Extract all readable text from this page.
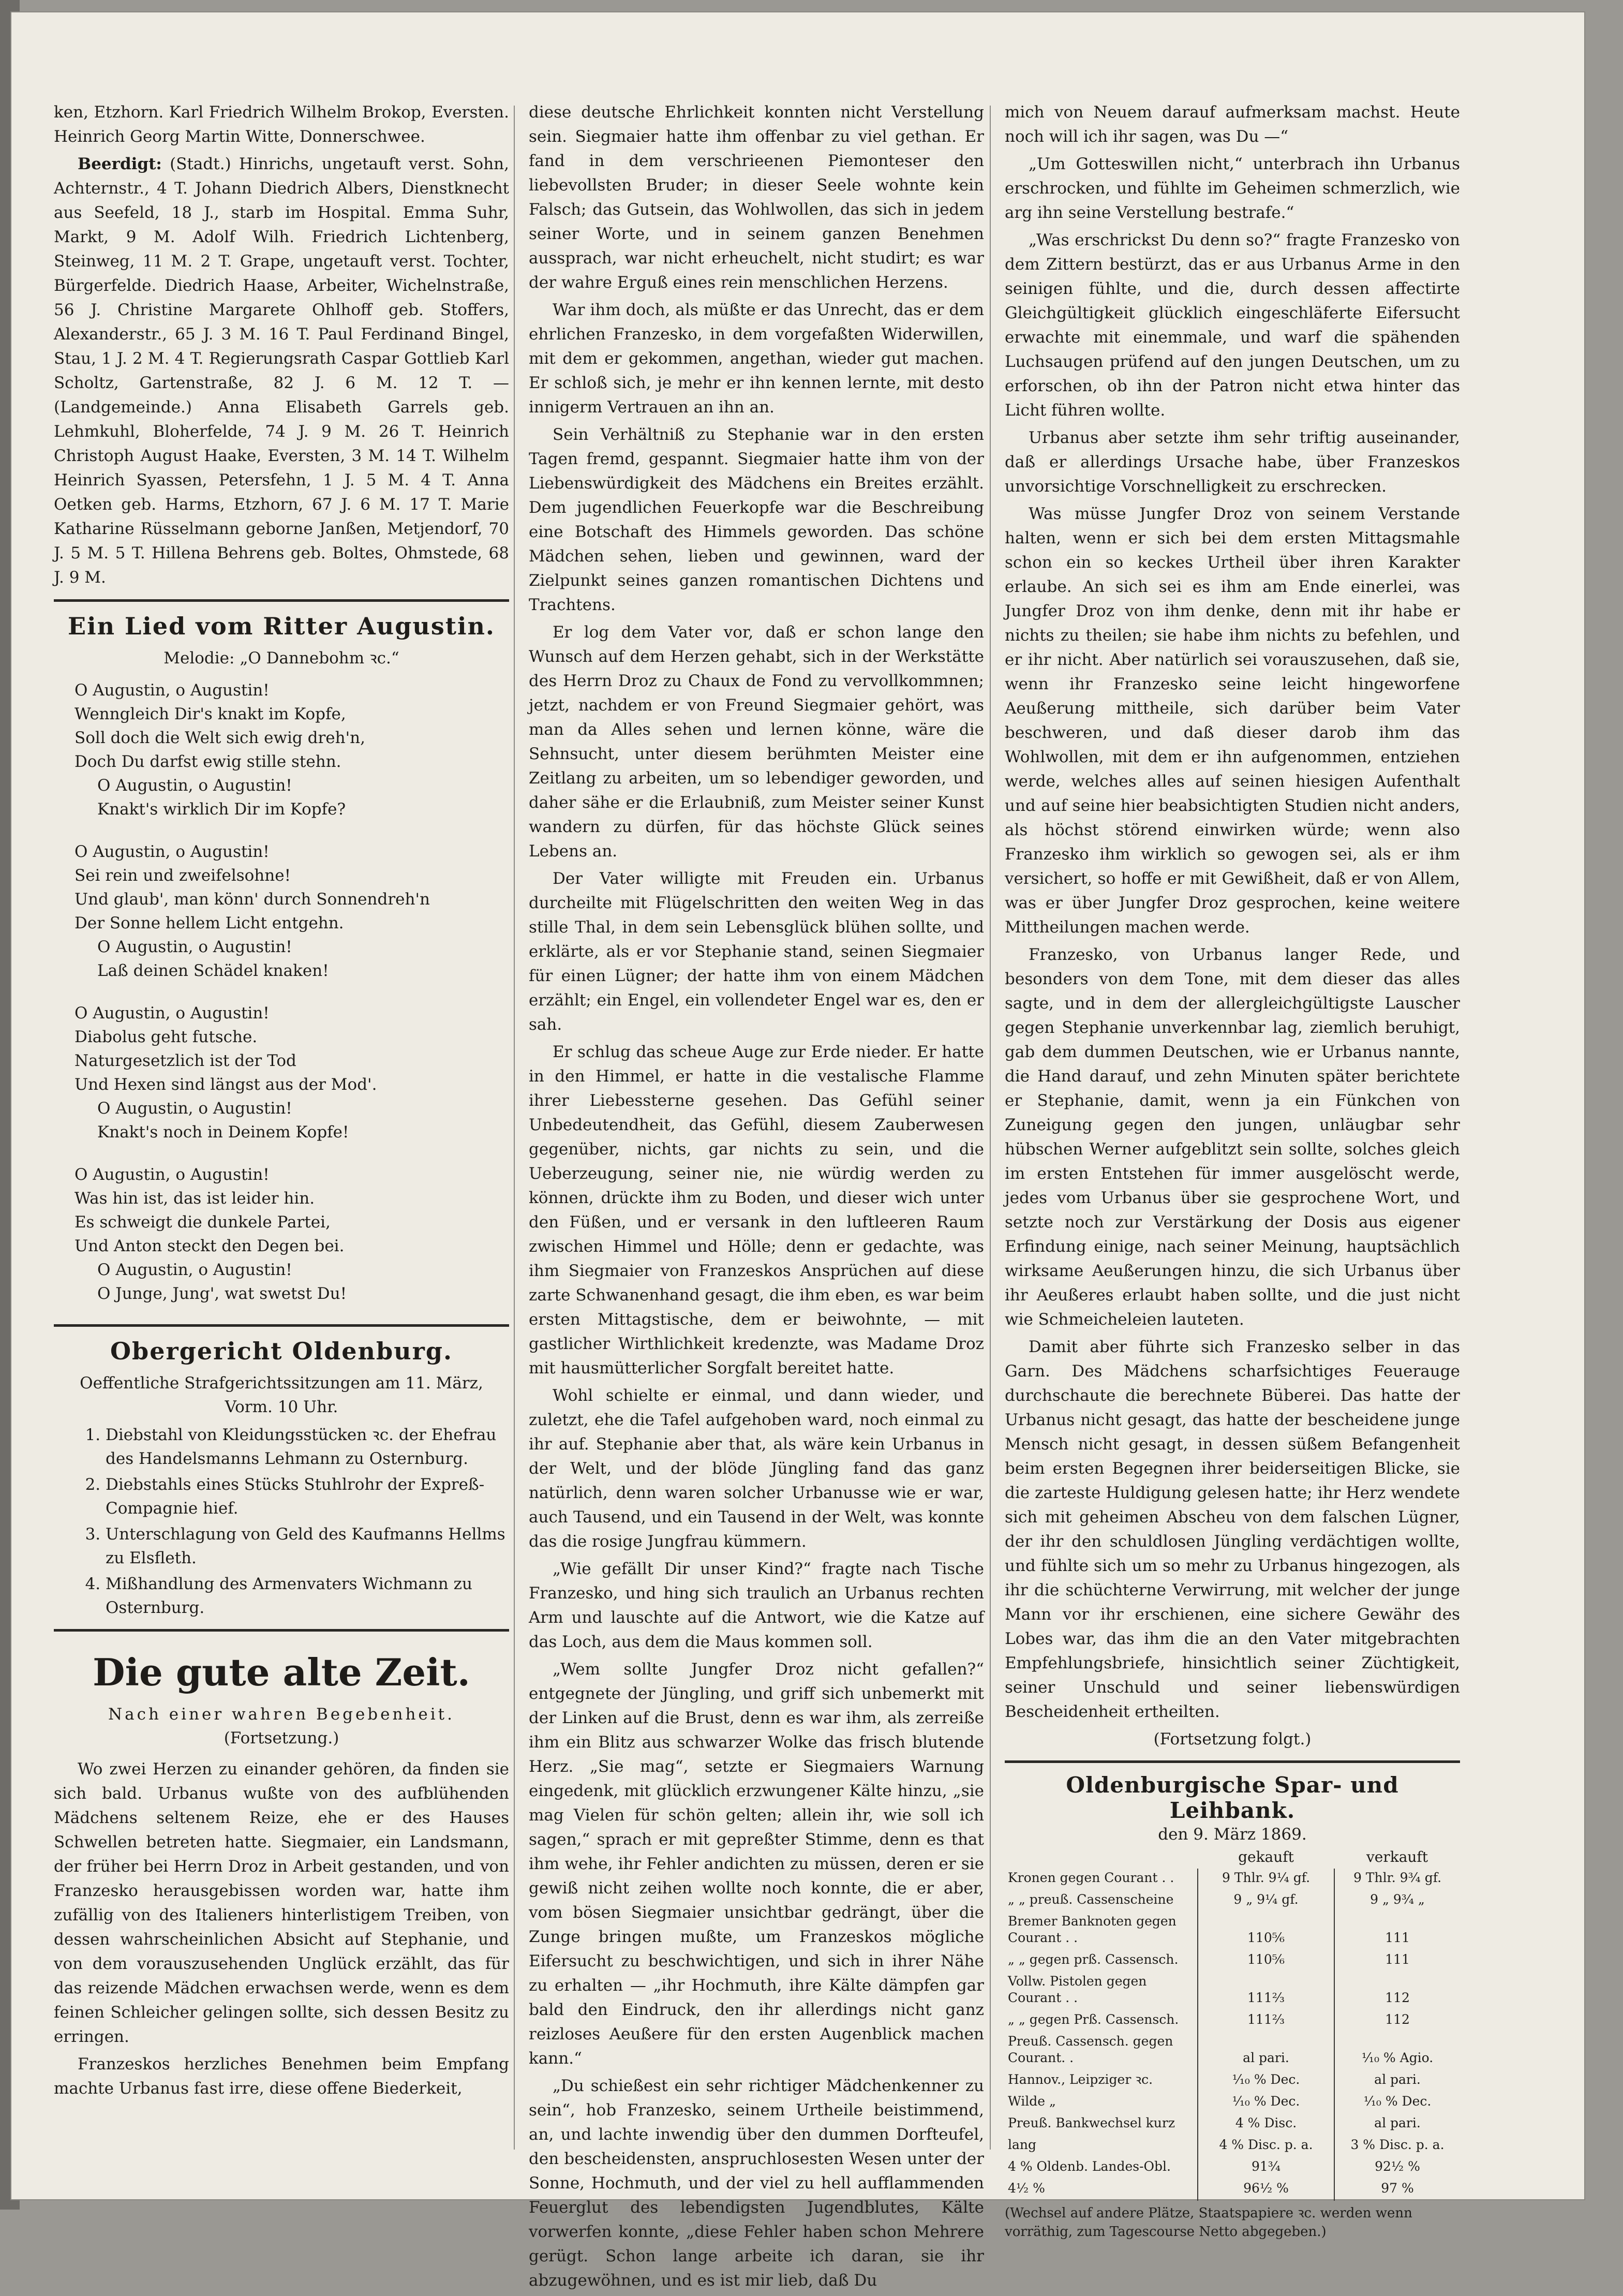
ken, Etzhorn. Karl Friedrich Wilhelm Brokop, Eversten. Heinrich Georg Martin Witte, Donnerschwee.

Beerdigt: (Stadt.) Hinrichs, ungetauft verst. Sohn, Achternstr., 4 T. Johann Diedrich Albers, Dienstknecht aus Seefeld, 18 J., starb im Hospital. Emma Suhr, Markt, 9 M. Adolf Wilh. Friedrich Lichtenberg, Steinweg, 11 M. 2 T. Grape, ungetauft verst. Tochter, Bürgerfelde. Diedrich Haase, Arbeiter, Wichelnstraße, 56 J. Christine Margarete Ohlhoff geb. Stoffers, Alexanderstr., 65 J. 3 M. 16 T. Paul Ferdinand Bingel, Stau, 1 J. 2 M. 4 T. Regierungsrath Caspar Gottlieb Karl Scholtz, Gartenstraße, 82 J. 6 M. 12 T. — (Landgemeinde.) Anna Elisabeth Garrels geb. Lehmkuhl, Bloherfelde, 74 J. 9 M. 26 T. Heinrich Christoph August Haake, Eversten, 3 M. 14 T. Wilhelm Heinrich Syassen, Petersfehn, 1 J. 5 M. 4 T. Anna Oetken geb. Harms, Etzhorn, 67 J. 6 M. 17 T. Marie Katharine Rüsselmann geborne Janßen, Metjendorf, 70 J. 5 M. 5 T. Hillena Behrens geb. Boltes, Ohmstede, 68 J. 9 M.

Ein Lied vom Ritter Augustin.

Melodie: „O Dannebohm ꝛc.“

O Augustin, o Augustin!
Wenngleich Dir's knakt im Kopfe,
Soll doch die Welt sich ewig dreh'n,
Doch Du darfst ewig stille stehn.
O Augustin, o Augustin!
Knakt's wirklich Dir im Kopfe?
O Augustin, o Augustin!
Sei rein und zweifelsohne!
Und glaub', man könn' durch Sonnendreh'n
Der Sonne hellem Licht entgehn.
O Augustin, o Augustin!
Laß deinen Schädel knaken!
O Augustin, o Augustin!
Diabolus geht futsche.
Naturgesetzlich ist der Tod
Und Hexen sind längst aus der Mod'.
O Augustin, o Augustin!
Knakt's noch in Deinem Kopfe!
O Augustin, o Augustin!
Was hin ist, das ist leider hin.
Es schweigt die dunkele Partei,
Und Anton steckt den Degen bei.
O Augustin, o Augustin!
O Junge, Jung', wat swetst Du!
Obergericht Oldenburg.

Oeffentliche Strafgerichtssitzungen am 11. März, Vorm. 10 Uhr.

1. Diebstahl von Kleidungsstücken ꝛc. der Ehefrau des Handelsmanns Lehmann zu Osternburg.
2. Diebstahls eines Stücks Stuhlrohr der Expreß-Compagnie hief.
3. Unterschlagung von Geld des Kaufmanns Hellms zu Elsfleth.
4. Mißhandlung des Armenvaters Wichmann zu Osternburg.
Die gute alte Zeit.

Nach einer wahren Begebenheit.

(Fortsetzung.)

Wo zwei Herzen zu einander gehören, da finden sie sich bald. Urbanus wußte von des aufblühenden Mädchens seltenem Reize, ehe er des Hauses Schwellen betreten hatte. Siegmaier, ein Landsmann, der früher bei Herrn Droz in Arbeit gestanden, und von Franzesko herausgebissen worden war, hatte ihm zufällig von des Italieners hinterlistigem Treiben, von dessen wahrscheinlichen Absicht auf Stephanie, und von dem vorauszusehenden Unglück erzählt, das für das reizende Mädchen erwachsen werde, wenn es dem feinen Schleicher gelingen sollte, sich dessen Besitz zu erringen.

Franzeskos herzliches Benehmen beim Empfang machte Urbanus fast irre, diese offene Biederkeit,

diese deutsche Ehrlichkeit konnten nicht Verstellung sein. Siegmaier hatte ihm offenbar zu viel gethan. Er fand in dem verschrieenen Piemonteser den liebevollsten Bruder; in dieser Seele wohnte kein Falsch; das Gutsein, das Wohlwollen, das sich in jedem seiner Worte, und in seinem ganzen Benehmen aussprach, war nicht erheuchelt, nicht studirt; es war der wahre Erguß eines rein menschlichen Herzens.

War ihm doch, als müßte er das Unrecht, das er dem ehrlichen Franzesko, in dem vorgefaßten Widerwillen, mit dem er gekommen, angethan, wieder gut machen. Er schloß sich, je mehr er ihn kennen lernte, mit desto innigerm Vertrauen an ihn an.

Sein Verhältniß zu Stephanie war in den ersten Tagen fremd, gespannt. Siegmaier hatte ihm von der Liebenswürdigkeit des Mädchens ein Breites erzählt. Dem jugendlichen Feuerkopfe war die Beschreibung eine Botschaft des Himmels geworden. Das schöne Mädchen sehen, lieben und gewinnen, ward der Zielpunkt seines ganzen romantischen Dichtens und Trachtens.

Er log dem Vater vor, daß er schon lange den Wunsch auf dem Herzen gehabt, sich in der Werkstätte des Herrn Droz zu Chaux de Fond zu vervollkommnen; jetzt, nachdem er von Freund Siegmaier gehört, was man da Alles sehen und lernen könne, wäre die Sehnsucht, unter diesem berühmten Meister eine Zeitlang zu arbeiten, um so lebendiger geworden, und daher sähe er die Erlaubniß, zum Meister seiner Kunst wandern zu dürfen, für das höchste Glück seines Lebens an.

Der Vater willigte mit Freuden ein. Urbanus durcheilte mit Flügelschritten den weiten Weg in das stille Thal, in dem sein Lebensglück blühen sollte, und erklärte, als er vor Stephanie stand, seinen Siegmaier für einen Lügner; der hatte ihm von einem Mädchen erzählt; ein Engel, ein vollendeter Engel war es, den er sah.

Er schlug das scheue Auge zur Erde nieder. Er hatte in den Himmel, er hatte in die vestalische Flamme ihrer Liebessterne gesehen. Das Gefühl seiner Unbedeutendheit, das Gefühl, diesem Zauberwesen gegenüber, nichts, gar nichts zu sein, und die Ueberzeugung, seiner nie, nie würdig werden zu können, drückte ihm zu Boden, und dieser wich unter den Füßen, und er versank in den luftleeren Raum zwischen Himmel und Hölle; denn er gedachte, was ihm Siegmaier von Franzeskos Ansprüchen auf diese zarte Schwanenhand gesagt, die ihm eben, es war beim ersten Mittagstische, dem er beiwohnte, — mit gastlicher Wirthlichkeit kredenzte, was Madame Droz mit hausmütterlicher Sorgfalt bereitet hatte.

Wohl schielte er einmal, und dann wieder, und zuletzt, ehe die Tafel aufgehoben ward, noch einmal zu ihr auf. Stephanie aber that, als wäre kein Urbanus in der Welt, und der blöde Jüngling fand das ganz natürlich, denn waren solcher Urbanusse wie er war, auch Tausend, und ein Tausend in der Welt, was konnte das die rosige Jungfrau kümmern.

„Wie gefällt Dir unser Kind?“ fragte nach Tische Franzesko, und hing sich traulich an Urbanus rechten Arm und lauschte auf die Antwort, wie die Katze auf das Loch, aus dem die Maus kommen soll.

„Wem sollte Jungfer Droz nicht gefallen?“ entgegnete der Jüngling, und griff sich unbemerkt mit der Linken auf die Brust, denn es war ihm, als zerreiße ihm ein Blitz aus schwarzer Wolke das frisch blutende Herz. „Sie mag“, setzte er Siegmaiers Warnung eingedenk, mit glücklich erzwungener Kälte hinzu, „sie mag Vielen für schön gelten; allein ihr, wie soll ich sagen,“ sprach er mit gepreßter Stimme, denn es that ihm wehe, ihr Fehler andichten zu müssen, deren er sie gewiß nicht zeihen wollte noch konnte, die er aber, vom bösen Siegmaier unsichtbar gedrängt, über die Zunge bringen mußte, um Franzeskos mögliche Eifersucht zu beschwichtigen, und sich in ihrer Nähe zu erhalten — „ihr Hochmuth, ihre Kälte dämpfen gar bald den Eindruck, den ihr allerdings nicht ganz reizloses Aeußere für den ersten Augenblick machen kann.“

„Du schießest ein sehr richtiger Mädchenkenner zu sein“, hob Franzesko, seinem Urtheile beistimmend, an, und lachte inwendig über den dummen Dorfteufel, den bescheidensten, anspruchlosesten Wesen unter der Sonne, Hochmuth, und der viel zu hell aufflammenden Feuerglut des lebendigsten Jugendblutes, Kälte vorwerfen konnte, „diese Fehler haben schon Mehrere gerügt. Schon lange arbeite ich daran, sie ihr abzugewöhnen, und es ist mir lieb, daß Du

mich von Neuem darauf aufmerksam machst. Heute noch will ich ihr sagen, was Du —“

„Um Gotteswillen nicht,“ unterbrach ihn Urbanus erschrocken, und fühlte im Geheimen schmerzlich, wie arg ihn seine Verstellung bestrafe.“

„Was erschrickst Du denn so?“ fragte Franzesko von dem Zittern bestürzt, das er aus Urbanus Arme in den seinigen fühlte, und die, durch dessen affectirte Gleichgültigkeit glücklich eingeschläferte Eifersucht erwachte mit einemmale, und warf die spähenden Luchsaugen prüfend auf den jungen Deutschen, um zu erforschen, ob ihn der Patron nicht etwa hinter das Licht führen wollte.

Urbanus aber setzte ihm sehr triftig auseinander, daß er allerdings Ursache habe, über Franzeskos unvorsichtige Vorschnelligkeit zu erschrecken.

Was müsse Jungfer Droz von seinem Verstande halten, wenn er sich bei dem ersten Mittagsmahle schon ein so keckes Urtheil über ihren Karakter erlaube. An sich sei es ihm am Ende einerlei, was Jungfer Droz von ihm denke, denn mit ihr habe er nichts zu theilen; sie habe ihm nichts zu befehlen, und er ihr nicht. Aber natürlich sei vorauszusehen, daß sie, wenn ihr Franzesko seine leicht hingeworfene Aeußerung mittheile, sich darüber beim Vater beschweren, und daß dieser darob ihm das Wohlwollen, mit dem er ihn aufgenommen, entziehen werde, welches alles auf seinen hiesigen Aufenthalt und auf seine hier beabsichtigten Studien nicht anders, als höchst störend einwirken würde; wenn also Franzesko ihm wirklich so gewogen sei, als er ihm versichert, so hoffe er mit Gewißheit, daß er von Allem, was er über Jungfer Droz gesprochen, keine weitere Mittheilungen machen werde.

Franzesko, von Urbanus langer Rede, und besonders von dem Tone, mit dem dieser das alles sagte, und in dem der allergleichgültigste Lauscher gegen Stephanie unverkennbar lag, ziemlich beruhigt, gab dem dummen Deutschen, wie er Urbanus nannte, die Hand darauf, und zehn Minuten später berichtete er Stephanie, damit, wenn ja ein Fünkchen von Zuneigung gegen den jungen, unläugbar sehr hübschen Werner aufgeblitzt sein sollte, solches gleich im ersten Entstehen für immer ausgelöscht werde, jedes vom Urbanus über sie gesprochene Wort, und setzte noch zur Verstärkung der Dosis aus eigener Erfindung einige, nach seiner Meinung, hauptsächlich wirksame Aeußerungen hinzu, die sich Urbanus über ihr Aeußeres erlaubt haben sollte, und die just nicht wie Schmeicheleien lauteten.

Damit aber führte sich Franzesko selber in das Garn. Des Mädchens scharfsichtiges Feuerauge durchschaute die berechnete Büberei. Das hatte der Urbanus nicht gesagt, das hatte der bescheidene junge Mensch nicht gesagt, in dessen süßem Befangenheit beim ersten Begegnen ihrer beiderseitigen Blicke, sie die zarteste Huldigung gelesen hatte; ihr Herz wendete sich mit geheimen Abscheu von dem falschen Lügner, der ihr den schuldlosen Jüngling verdächtigen wollte, und fühlte sich um so mehr zu Urbanus hingezogen, als ihr die schüchterne Verwirrung, mit welcher der junge Mann vor ihr erschienen, eine sichere Gewähr des Lobes war, das ihm die an den Vater mitgebrachten Empfehlungsbriefe, hinsichtlich seiner Züchtigkeit, seiner Unschuld und seiner liebenswürdigen Bescheidenheit ertheilten.

(Fortsetzung folgt.)

Oldenburgische Spar- und Leihbank.
den 9. März 1869.
	gekauft	verkauft
Kronen gegen Courant . .	9 Thlr. 9¹⁄₄ gf.	9 Thlr. 9³⁄₄ gf.
„ „ preuß. Cassenscheine	9 „ 9¹⁄₄ gf.	9 „ 9³⁄₄ „
Bremer Banknoten gegen Courant . .	110⁵⁄₆	111
„ „ gegen prß. Cassensch.	110⁵⁄₆	111
Vollw. Pistolen gegen Courant . .	111²⁄₃	112
„ „ gegen Prß. Cassensch.	111²⁄₃	112
Preuß. Cassensch. gegen Courant. .	al pari.	¹⁄₁₀ % Agio.
Hannov., Leipziger ꝛc.	¹⁄₁₀ % Dec.	al pari.
Wilde „	¹⁄₁₀ % Dec.	¹⁄₁₀ % Dec.
Preuß. Bankwechsel kurz	4 % Disc.	al pari.
lang	4 % Disc. p. a.	3 % Disc. p. a.
4 % Oldenb. Landes-Obl.	91³⁄₄	92¹⁄₂ %
4¹⁄₂ %	96¹⁄₂ %	97 %
(Wechsel auf andere Plätze, Staatspapiere ꝛc. werden wenn vorräthig, zum Tagescourse Netto abgegeben.)
